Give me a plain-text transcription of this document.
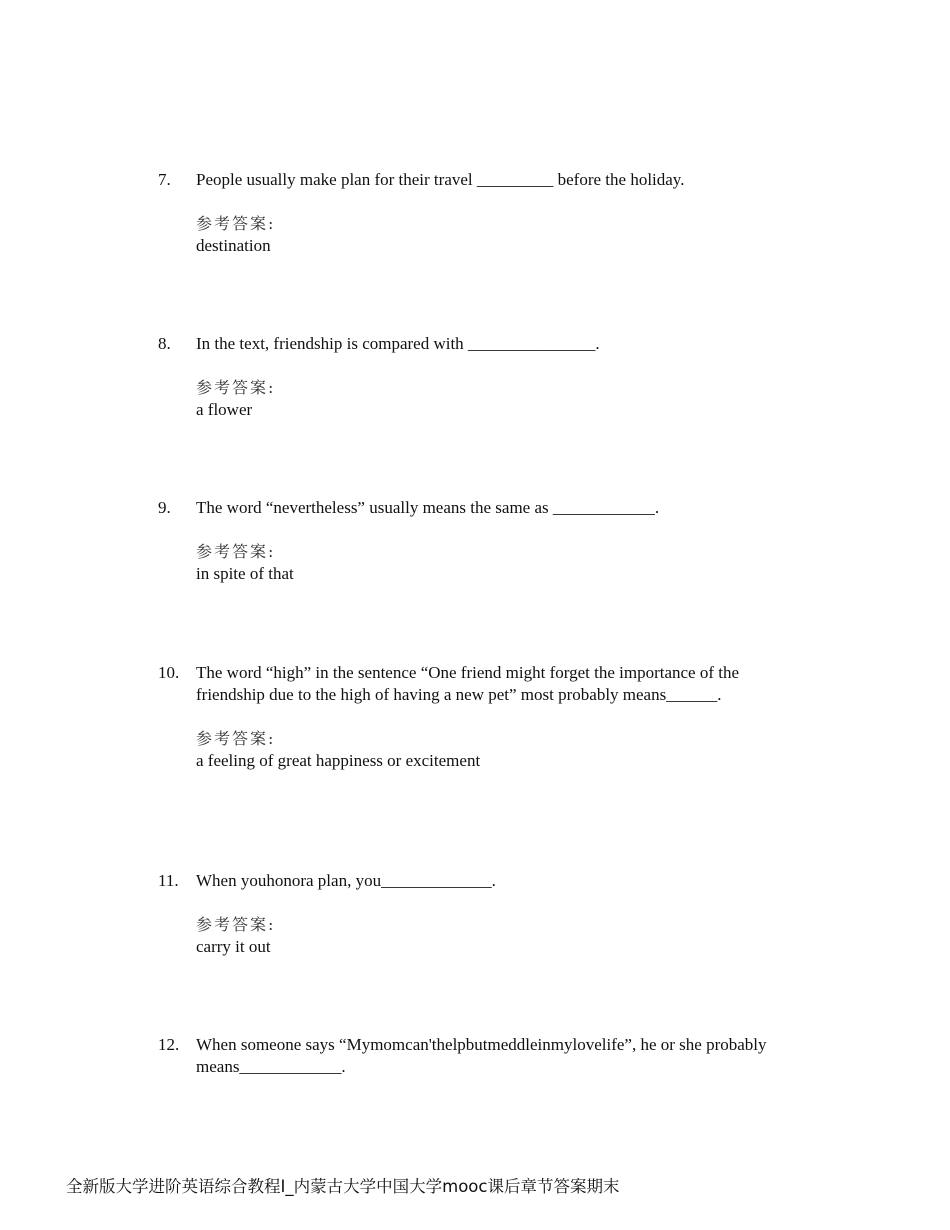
7.	People usually make plan for their travel _________ before the holiday.
参考答案:
destination
8.	In the text, friendship is compared with _______________.
参考答案:
a flower
9.	The word “nevertheless” usually means the same as ____________.
参考答案:
in spite of that
10. The word “high” in the sentence “One friend might forget the importance of the friendship due to the high of having a new pet” most probably means______.
参考答案:
a feeling of great happiness or excitement
11.	When youhonora plan, you_____________.
参考答案:
carry it out
12. When someone says “Mymomcan'thelpbutmeddleinmylovelife”, he or she probably means____________.
全新版大学进阶英语综合教程I_内蒙古大学中国大学mooc课后章节答案期末
